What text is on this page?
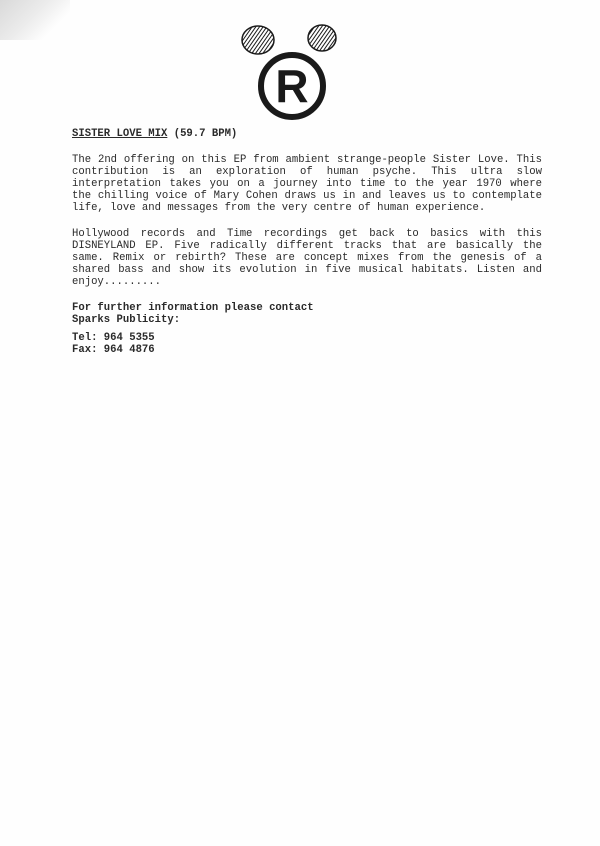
R
SISTER LOVE MIX (59.7 BPM)

The 2nd offering on this EP from ambient strange-people Sister Love. This contribution is an exploration of human psyche. This ultra slow interpretation takes you on a journey into time to the year 1970 where the chilling voice of Mary Cohen draws us in and leaves us to contemplate life, love and messages from the very centre of human experience.

Hollywood records and Time recordings get back to basics with this DISNEYLAND EP. Five radically different tracks that are basically the same. Remix or rebirth? These are concept mixes from the genesis of a shared bass and show its evolution in five musical habitats. Listen and enjoy.........

For further information please contact
Sparks Publicity:
Tel: 964 5355
Fax: 964 4876
